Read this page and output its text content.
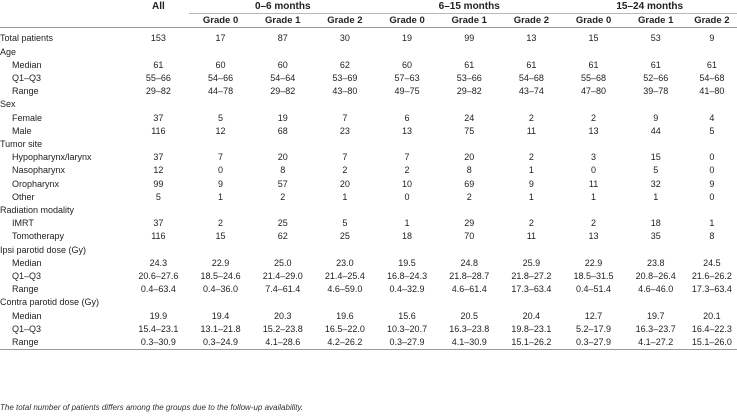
	All	0–6 months			6–15 months			15–24 months		
		Grade 0	Grade 1	Grade 2	Grade 0	Grade 1	Grade 2	Grade 0	Grade 1	Grade 2
Total patients	153	17	87	30	19	99	13	15	53	9
Age										
Median	61	60	60	62	60	61	61	61	61	61
Q1–Q3	55–66	54–66	54–64	53–69	57–63	53–66	54–68	55–68	52–66	54–68
Range	29–82	44–78	29–82	43–80	49–75	29–82	43–74	47–80	39–78	41–80
Sex										
Female	37	5	19	7	6	24	2	2	9	4
Male	116	12	68	23	13	75	11	13	44	5
Tumor site										
Hypopharynx/larynx	37	7	20	7	7	20	2	3	15	0
Nasopharynx	12	0	8	2	2	8	1	0	5	0
Oropharynx	99	9	57	20	10	69	9	11	32	9
Other	5	1	2	1	0	2	1	1	1	0
Radiation modality										
IMRT	37	2	25	5	1	29	2	2	18	1
Tomotherapy	116	15	62	25	18	70	11	13	35	8
Ipsi parotid dose (Gy)										
Median	24.3	22.9	25.0	23.0	19.5	24.8	25.9	22.9	23.8	24.5
Q1–Q3	20.6–27.6	18.5–24.6	21.4–29.0	21.4–25.4	16.8–24.3	21.8–28.7	21.8–27.2	18.5–31.5	20.8–26.4	21.6–26.2
Range	0.4–63.4	0.4–36.0	7.4–61.4	4.6–59.0	0.4–32.9	4.6–61.4	17.3–63.4	0.4–51.4	4.6–46.0	17.3–63.4
Contra parotid dose (Gy)										
Median	19.9	19.4	20.3	19.6	15.6	20.5	20.4	12.7	19.7	20.1
Q1–Q3	15.4–23.1	13.1–21.8	15.2–23.8	16.5–22.0	10.3–20.7	16.3–23.8	19.8–23.1	5.2–17.9	16.3–23.7	16.4–22.3
Range	0.3–30.9	0.3–24.9	4.1–28.6	4.2–26.2	0.3–27.9	4.1–30.9	15.1–26.2	0.3–27.9	4.1–27.2	15.1–26.0
The total number of patients differs among the groups due to the follow-up availability.
